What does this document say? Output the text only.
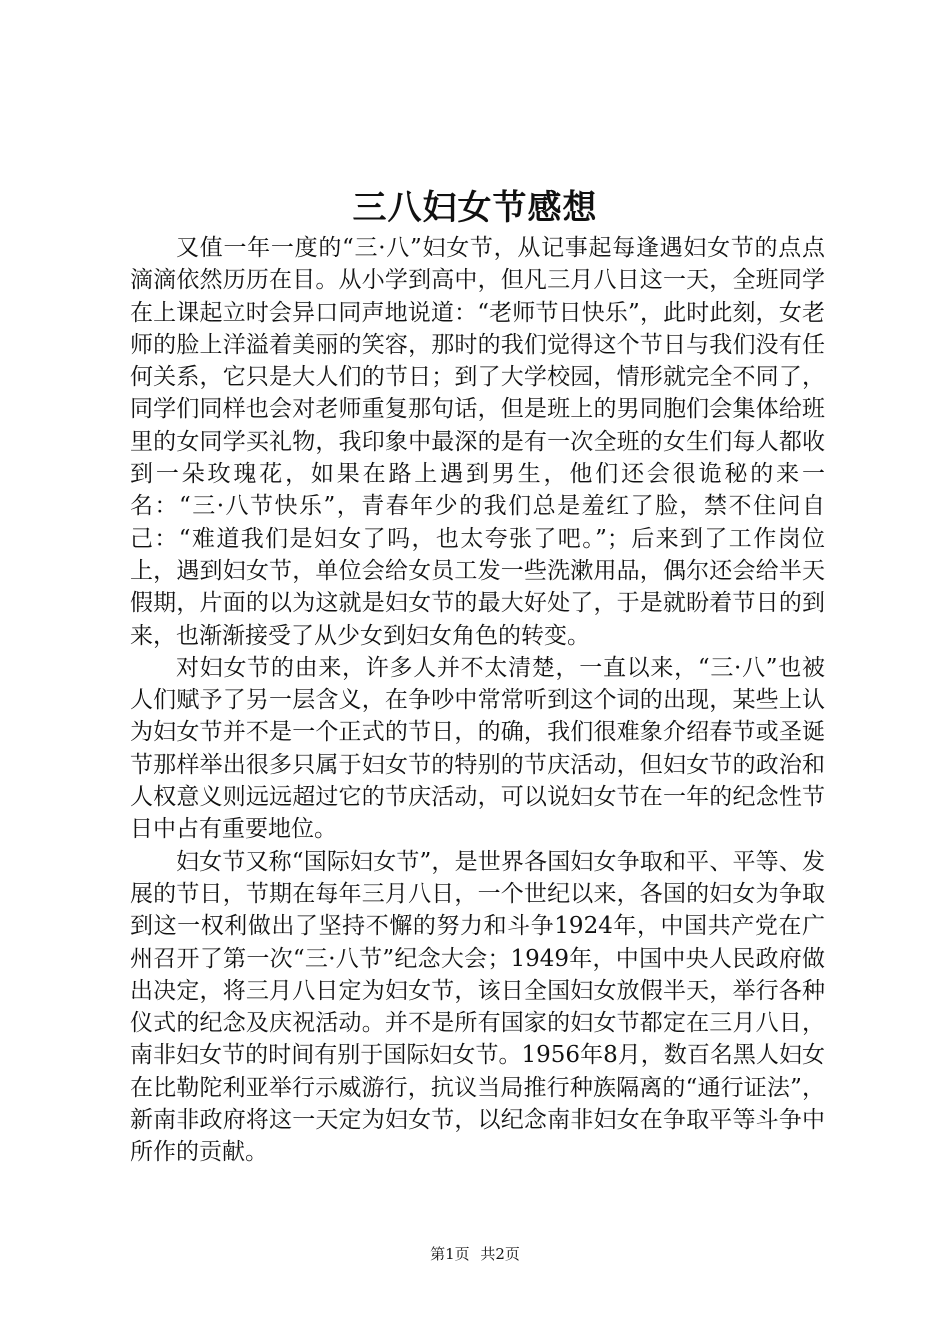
三八妇女节感想

又值一年一度的“三·八”妇女节，从记事起每逢遇妇女节的点点滴滴依然历历在目。从小学到高中，但凡三月八日这一天，全班同学在上课起立时会异口同声地说道：“老师节日快乐”，此时此刻，女老师的脸上洋溢着美丽的笑容，那时的我们觉得这个节日与我们没有任何关系，它只是大人们的节日；到了大学校园，情形就完全不同了，同学们同样也会对老师重复那句话，但是班上的男同胞们会集体给班里的女同学买礼物，我印象中最深的是有一次全班的女生们每人都收到一朵玫瑰花，如果在路上遇到男生，他们还会很诡秘的来一名：“三·八节快乐”，青春年少的我们总是羞红了脸，禁不住问自己：“难道我们是妇女了吗，也太夸张了吧。”；后来到了工作岗位上，遇到妇女节，单位会给女员工发一些洗漱用品，偶尔还会给半天假期，片面的以为这就是妇女节的最大好处了，于是就盼着节日的到来，也渐渐接受了从少女到妇女角色的转变。

对妇女节的由来，许多人并不太清楚，一直以来，“三·八”也被人们赋予了另一层含义，在争吵中常常听到这个词的出现，某些上认为妇女节并不是一个正式的节日，的确，我们很难象介绍春节或圣诞节那样举出很多只属于妇女节的特别的节庆活动，但妇女节的政治和人权意义则远远超过它的节庆活动，可以说妇女节在一年的纪念性节日中占有重要地位。

妇女节又称“国际妇女节”，是世界各国妇女争取和平、平等、发展的节日，节期在每年三月八日，一个世纪以来，各国的妇女为争取到这一权利做出了坚持不懈的努力和斗争1924年，中国共产党在广州召开了第一次“三·八节”纪念大会；1949年，中国中央人民政府做出决定，将三月八日定为妇女节，该日全国妇女放假半天，举行各种仪式的纪念及庆祝活动。并不是所有国家的妇女节都定在三月八日，南非妇女节的时间有别于国际妇女节。1956年8月，数百名黑人妇女在比勒陀利亚举行示威游行，抗议当局推行种族隔离的“通行证法”，新南非政府将这一天定为妇女节，以纪念南非妇女在争取平等斗争中所作的贡献。

第1页 共2页
